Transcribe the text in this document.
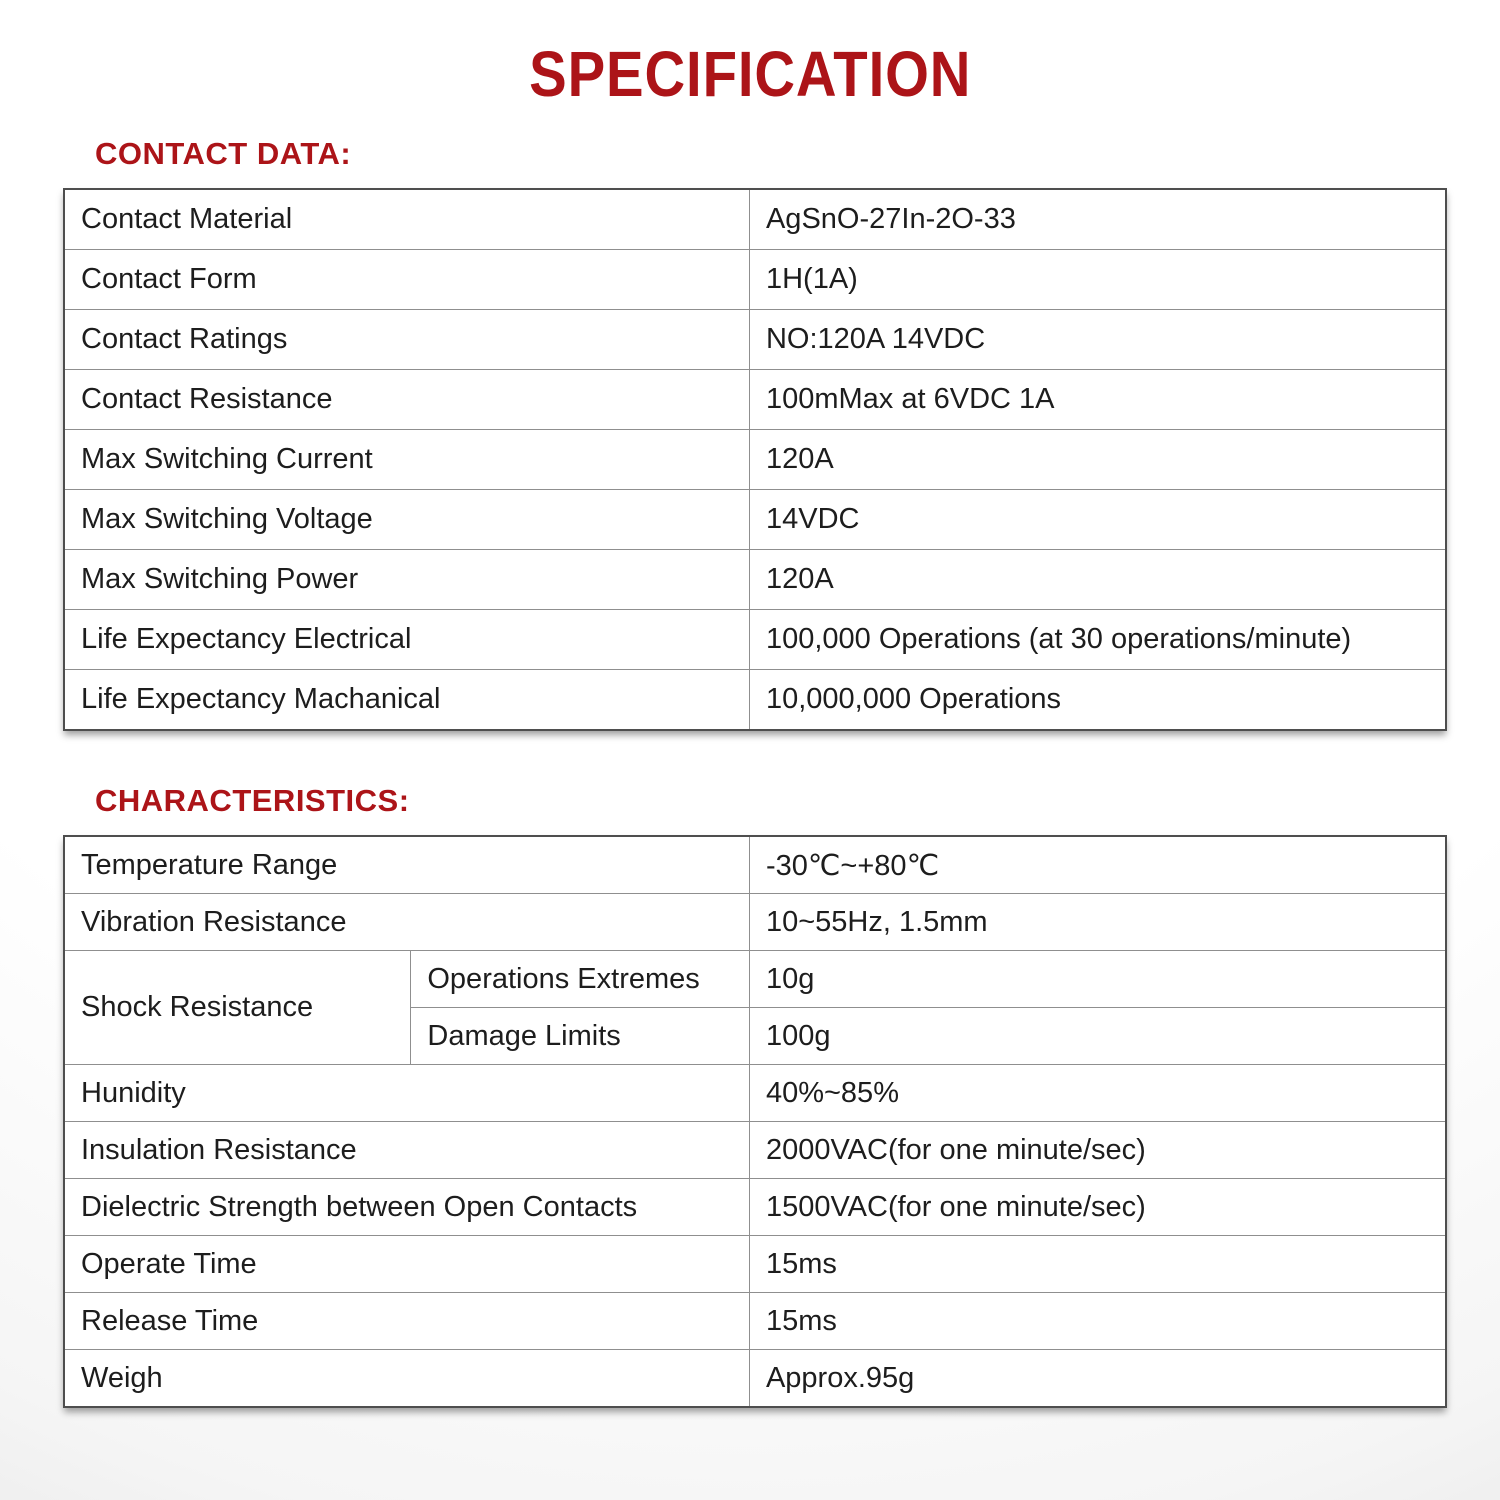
SPECIFICATION
CONTACT DATA:
Contact Material	AgSnO-27In-2O-33
Contact Form	1H(1A)
Contact Ratings	NO:120A 14VDC
Contact Resistance	100mMax at 6VDC 1A
Max Switching Current	120A
Max Switching Voltage	14VDC
Max Switching Power	120A
Life Expectancy Electrical	100,000 Operations (at 30 operations/minute)
Life Expectancy Machanical	10,000,000 Operations
CHARACTERISTICS:
Temperature Range		-30℃~+80℃
Vibration Resistance		10~55Hz, 1.5mm
Shock Resistance	Operations Extremes	10g
	Damage Limits	100g
Hunidity		40%~85%
Insulation Resistance		2000VAC(for one minute/sec)
Dielectric Strength between Open Contacts		1500VAC(for one minute/sec)
Operate Time		15ms
Release Time		15ms
Weigh		Approx.95g
